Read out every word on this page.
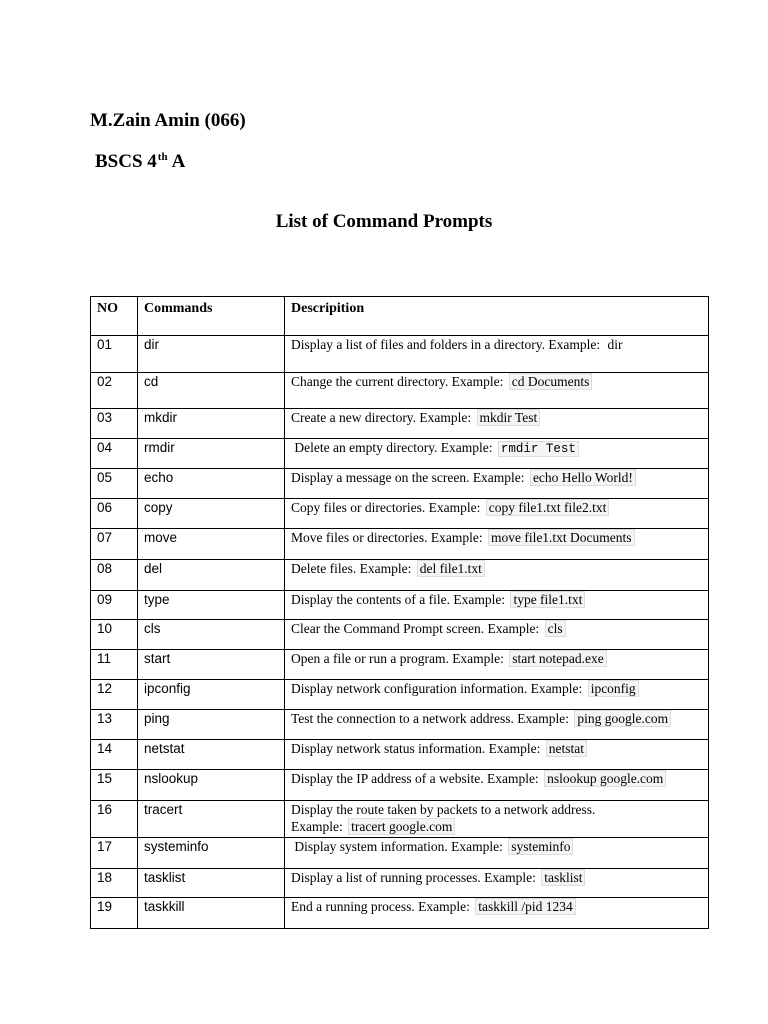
M.Zain Amin (066)
BSCS 4th A
List of Command Prompts
NO	Commands	Descripition
01	dir	Display a list of files and folders in a directory. Example: dir
02	cd	Change the current directory. Example: cd Documents
03	mkdir	Create a new directory. Example: mkdir Test
04	rmdir	Delete an empty directory. Example: rmdir Test
05	echo	Display a message on the screen. Example: echo Hello World!
06	copy	Copy files or directories. Example: copy file1.txt file2.txt
07	move	Move files or directories. Example: move file1.txt Documents
08	del	Delete files. Example: del file1.txt
09	type	Display the contents of a file. Example: type file1.txt
10	cls	Clear the Command Prompt screen. Example: cls
11	start	Open a file or run a program. Example: start notepad.exe
12	ipconfig	Display network configuration information. Example: ipconfig
13	ping	Test the connection to a network address. Example: ping google.com
14	netstat	Display network status information. Example: netstat
15	nslookup	Display the IP address of a website. Example: nslookup google.com
16	tracert	Display the route taken by packets to a network address.
Example: tracert google.com

17	systeminfo	Display system information. Example: systeminfo
18	tasklist	Display a list of running processes. Example: tasklist
19	taskkill	End a running process. Example: taskkill /pid 1234
